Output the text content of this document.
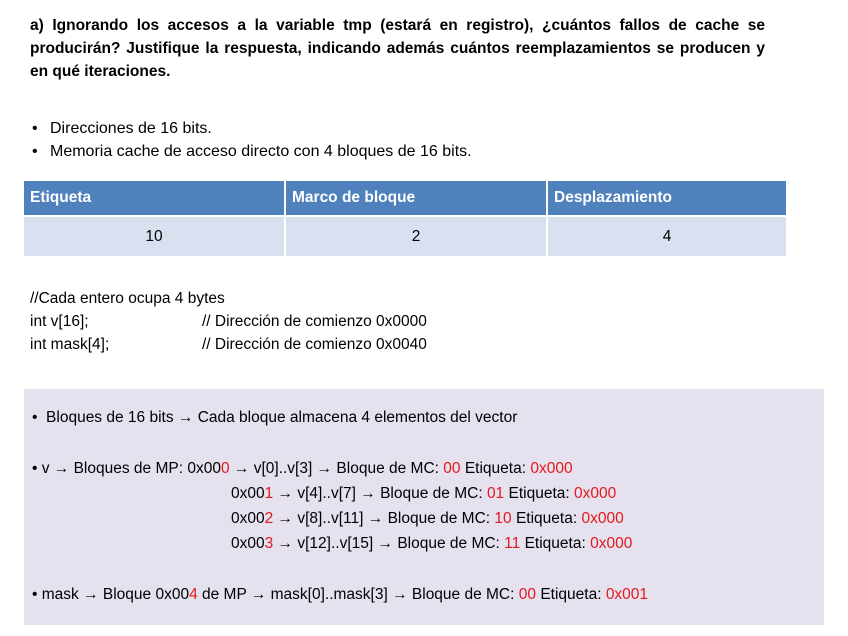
a) Ignorando los accesos a la variable tmp (estará en registro), ¿cuántos fallos de cache se producirán? Justifique la respuesta, indicando además cuántos reemplazamientos se producen y en qué iteraciones.
• Direcciones de 16 bits.
• Memoria cache de acceso directo con 4 bloques de 16 bits.
Etiqueta	Marco de bloque	Desplazamiento
10	2	4
//Cada entero ocupa 4 bytes
int v[16];	// Dirección de comienzo 0x0000
int mask[4];	// Dirección de comienzo 0x0040
•  Bloques de 16 bits → Cada bloque almacena 4 elementos del vector
• v → Bloques de MP: 0x000 → v[0]..v[3] → Bloque de MC: 00 Etiqueta: 0x000
0x001 → v[4]..v[7] → Bloque de MC: 01 Etiqueta: 0x000
0x002 → v[8]..v[11] → Bloque de MC: 10 Etiqueta: 0x000
0x003 → v[12]..v[15] → Bloque de MC: 11 Etiqueta: 0x000
• mask → Bloque 0x004 de MP → mask[0]..mask[3] → Bloque de MC: 00 Etiqueta: 0x001
